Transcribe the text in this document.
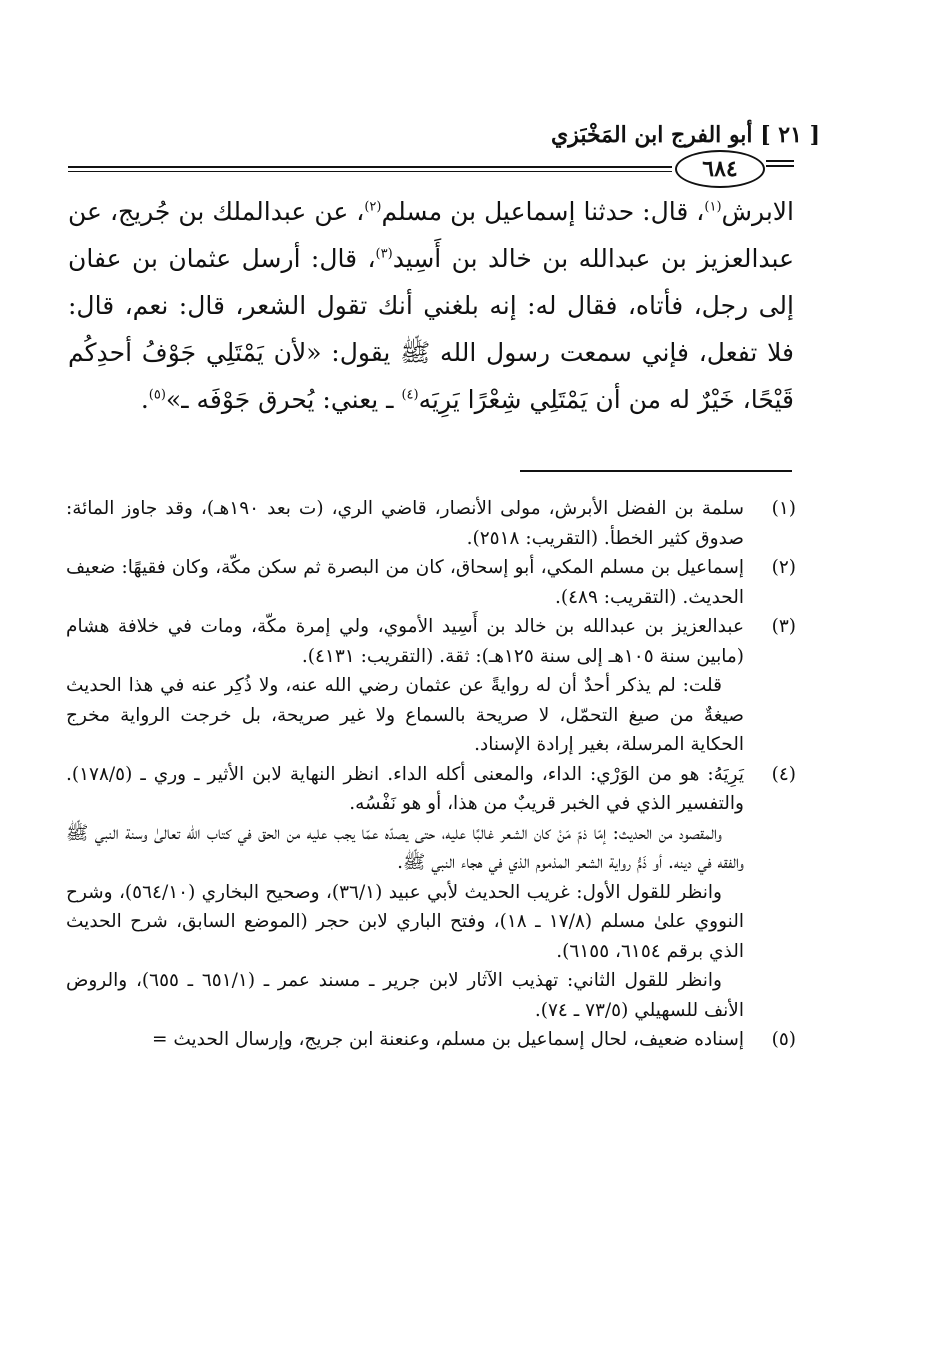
[ ٢١ ] أبو الفرج ابن المَخْبَزي
٦٨٤

الابرش$^{(١)}$، قال: حدثنا إسماعيل بن مسلم$^{(٢)}$، عن عبدالملك بن جُريج، عن عبدالعزيز بن عبدالله بن خالد بن أَسِيد$^{(٣)}$، قال: أرسل عثمان بن عفان إلى رجل، فأتاه، فقال له: إنه بلغني أنك تقول الشعر، قال: نعم، قال: فلا تفعل، فإني سمعت رسول الله ﷺ يقول: «لأن يَمْتَلِي جَوْفُ أحدِكُم قَيْحًا، خَيْرٌ له من أن يَمْتَلِي شِعْرًا يَرِيَه$^{(٤)}$ ـ يعني: يُحرق جَوْفَه ـ»$^{(٥)}$.

(١)

سلمة بن الفضل الأبرش، مولى الأنصار، قاضي الري، (ت بعد ١٩٠هـ)، وقد جاوز المائة: صدوق كثير الخطأ. (التقريب: ٢٥١٨).

(٢)

إسماعيل بن مسلم المكي، أبو إسحاق، كان من البصرة ثم سكن مكّة، وكان فقيهًا: ضعيف الحديث. (التقريب: ٤٨٩).

(٣)

عبدالعزيز بن عبدالله بن خالد بن أَسِيد الأموي، ولي إمرة مكّة، ومات في خلافة هشام (مابين سنة ١٠٥هـ إلى سنة ١٢٥هـ): ثقة. (التقريب: ٤١٣١).

قلت: لم يذكر أحدٌ أن له روايةً عن عثمان رضي الله عنه، ولا ذُكِر عنه في هذا الحديث صيغةٌ من صيغ التحمّل، لا صريحة بالسماع ولا غير صريحة، بل خرجت الرواية مخرج الحكاية المرسلة، بغير إرادة الإسناد.

(٤)

يَرِيَهُ: هو من الوَرْي: الداء، والمعنى أكله الداء. انظر النهاية لابن الأثير ـ وري ـ (١٧٨/٥). والتفسير الذي في الخبر قريبٌ من هذا، أو هو نَفْسُه.

والمقصود من الحديث: إمّا ذمّ مَنْ كان الشعر غالبًا عليه، حتى يصدّه عمّا يجب عليه من الحق في كتاب الله تعالىٰ وسنة النبي ﷺ والفقه في دينه. أو ذَمُّ رواية الشعر المذموم الذي في هجاء النبي ﷺ.

وانظر للقول الأول: غريب الحديث لأبي عبيد (٣٦/١)، وصحيح البخاري (٥٦٤/١٠)، وشرح النووي علىٰ مسلم (١٧/٨ ـ ١٨)، وفتح الباري لابن حجر (الموضع السابق، شرح الحديث الذي برقم ٦١٥٤، ٦١٥٥).

وانظر للقول الثاني: تهذيب الآثار لابن جرير ـ مسند عمر ـ (٦٥١/١ ـ ٦٥٥)، والروض الأنف للسهيلي (٧٣/٥ ـ ٧٤).

(٥)

إسناده ضعيف، لحال إسماعيل بن مسلم، وعنعنة ابن جريج، وإرسال الحديث =
